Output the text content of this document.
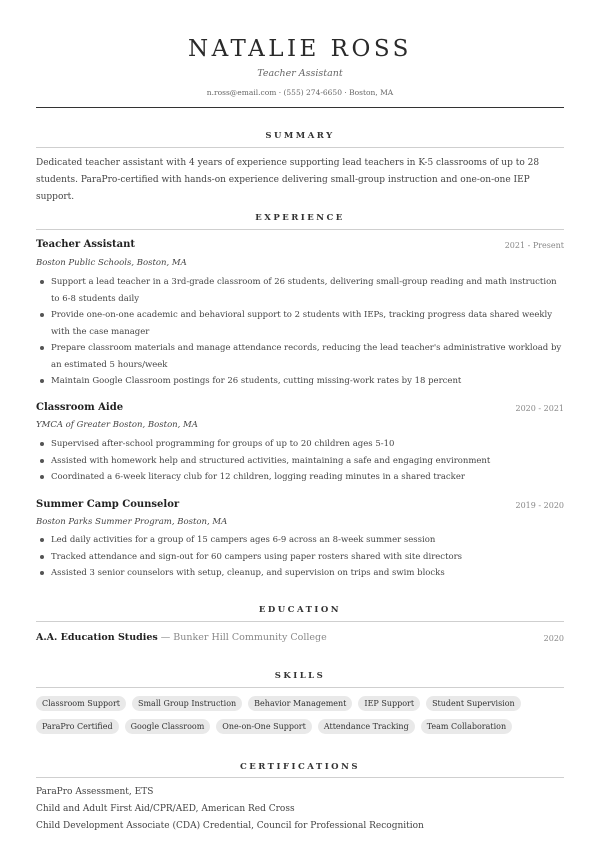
NATALIE ROSS
Teacher Assistant
n.ross@email.com · (555) 274-6650 · Boston, MA
SUMMARY
Dedicated teacher assistant with 4 years of experience supporting lead teachers in K-5 classrooms of up to 28 students. ParaPro-certified with hands-on experience delivering small-group instruction and one-on-one IEP support.
EXPERIENCE
Teacher Assistant	2021 - Present
Boston Public Schools, Boston, MA
Support a lead teacher in a 3rd-grade classroom of 26 students, delivering small-group reading and math instruction to 6-8 students daily
Provide one-on-one academic and behavioral support to 2 students with IEPs, tracking progress data shared weekly with the case manager
Prepare classroom materials and manage attendance records, reducing the lead teacher's administrative workload by an estimated 5 hours/week
Maintain Google Classroom postings for 26 students, cutting missing-work rates by 18 percent
Classroom Aide	2020 - 2021
YMCA of Greater Boston, Boston, MA
Supervised after-school programming for groups of up to 20 children ages 5-10
Assisted with homework help and structured activities, maintaining a safe and engaging environment
Coordinated a 6-week literacy club for 12 children, logging reading minutes in a shared tracker
Summer Camp Counselor	2019 - 2020
Boston Parks Summer Program, Boston, MA
Led daily activities for a group of 15 campers ages 6-9 across an 8-week summer session
Tracked attendance and sign-out for 60 campers using paper rosters shared with site directors
Assisted 3 senior counselors with setup, cleanup, and supervision on trips and swim blocks
EDUCATION
A.A. Education Studies — Bunker Hill Community College	2020
SKILLS
Classroom Support	Small Group Instruction	Behavior Management	IEP Support	Student Supervision
ParaPro Certified	Google Classroom	One-on-One Support	Attendance Tracking	Team Collaboration
CERTIFICATIONS
ParaPro Assessment, ETS
Child and Adult First Aid/CPR/AED, American Red Cross
Child Development Associate (CDA) Credential, Council for Professional Recognition
